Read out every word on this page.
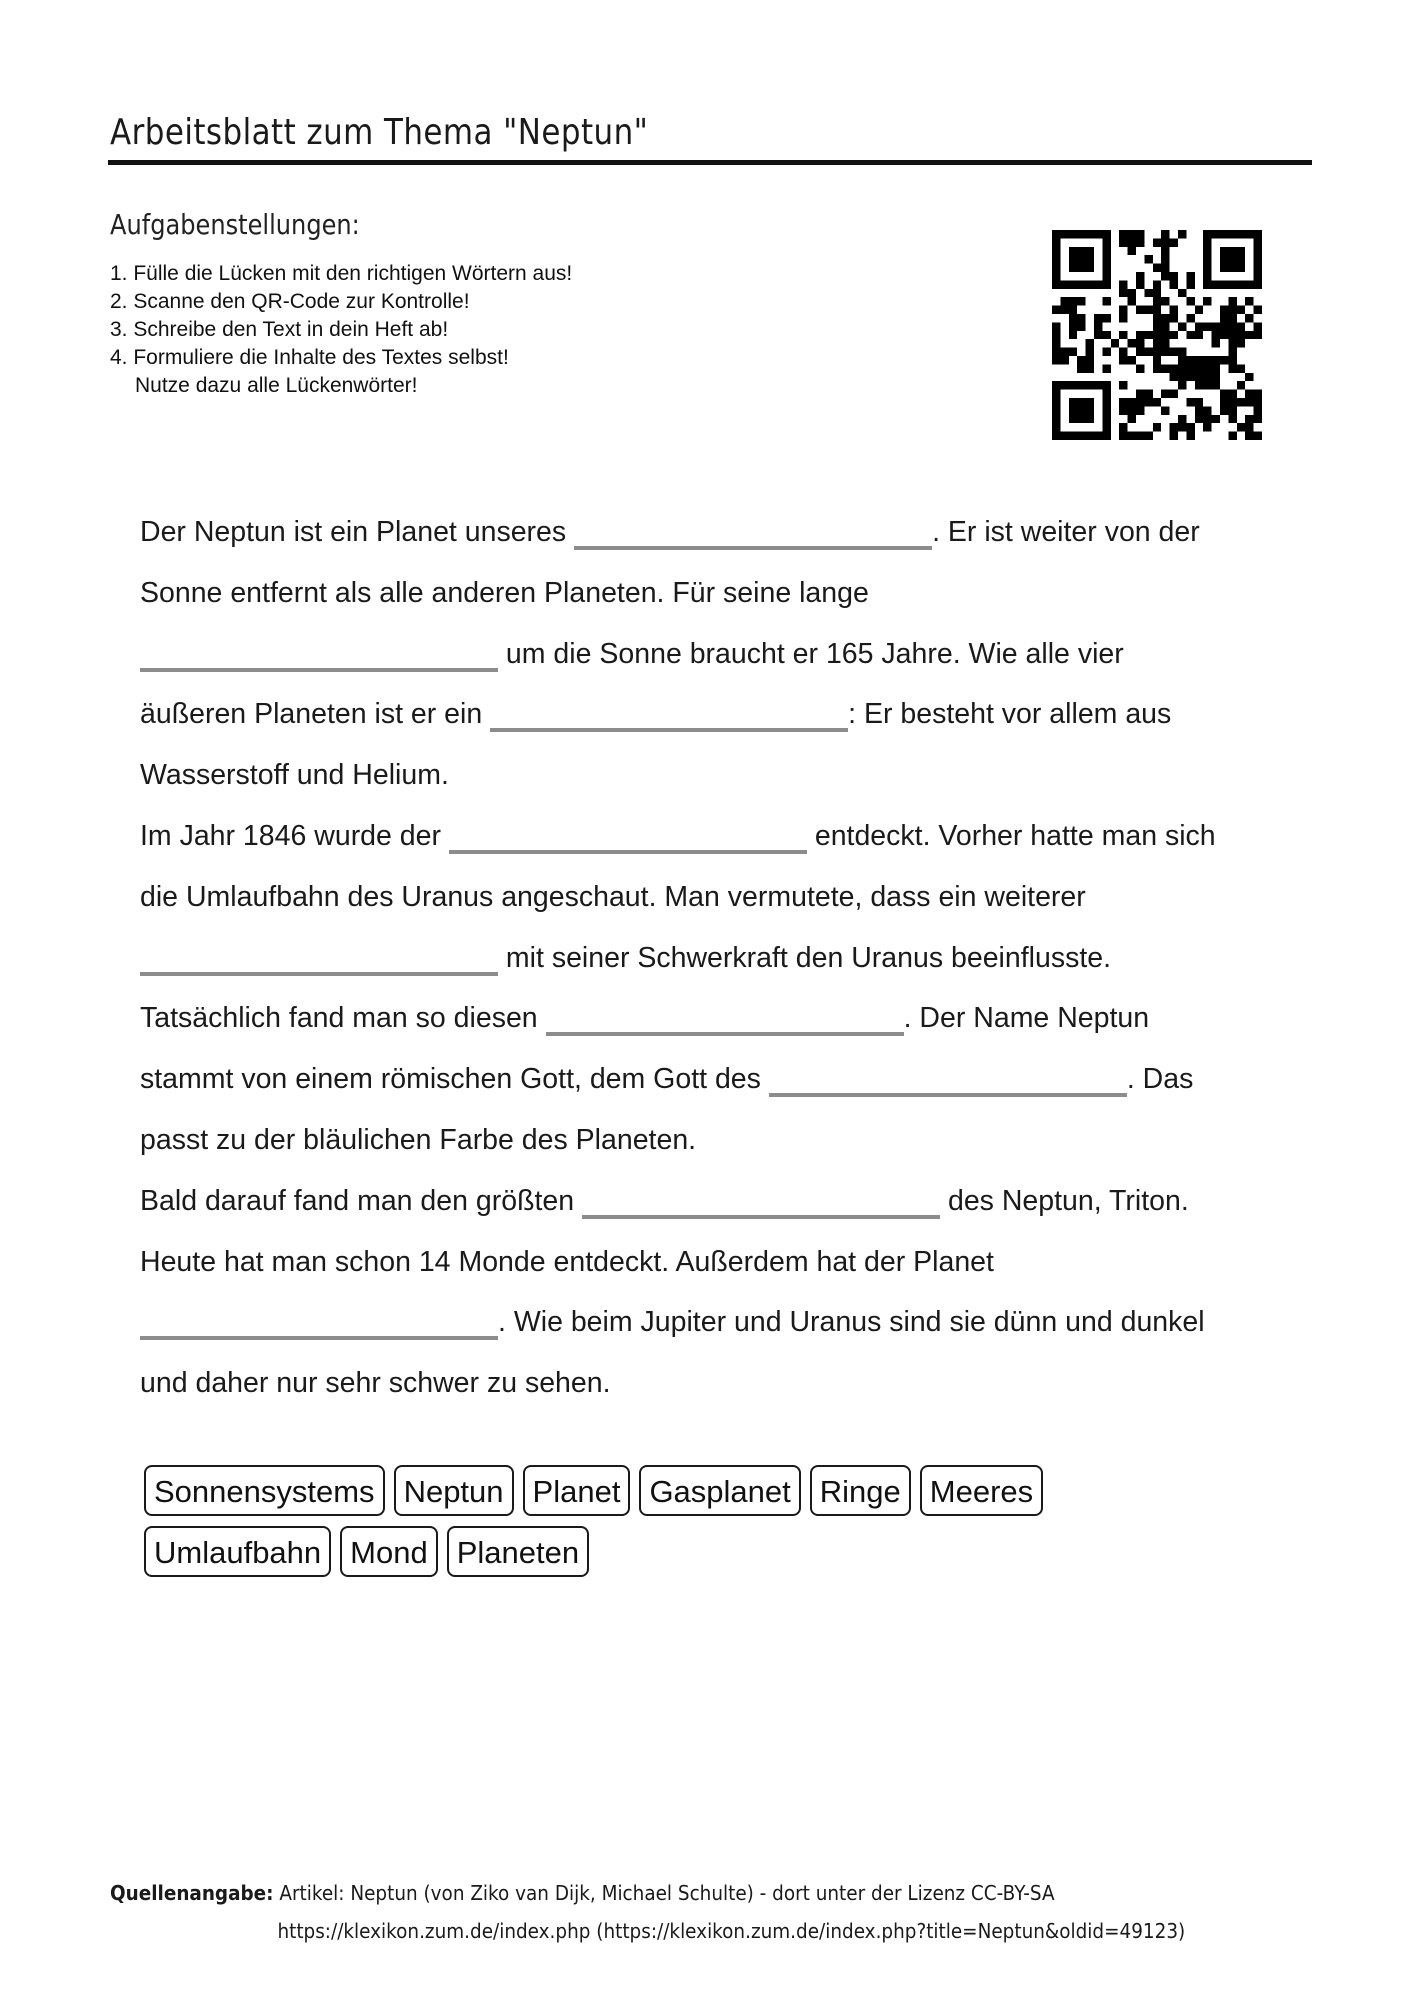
Arbeitsblatt zum Thema "Neptun"
Aufgabenstellungen:
1. Fülle die Lücken mit den richtigen Wörtern aus!
2. Scanne den QR-Code zur Kontrolle!
3. Schreibe den Text in dein Heft ab!
4. Formuliere die Inhalte des Textes selbst!
Nutze dazu alle Lückenwörter!
Der Neptun ist ein Planet unseres	. Er ist weiter von der
Sonne entfernt als alle anderen Planeten. Für seine lange
um die Sonne braucht er 165 Jahre. Wie alle vier
äußeren Planeten ist er ein	: Er besteht vor allem aus
Wasserstoff und Helium.
Im Jahr 1846 wurde der	entdeckt. Vorher hatte man sich
die Umlaufbahn des Uranus angeschaut. Man vermutete, dass ein weiterer
mit seiner Schwerkraft den Uranus beeinflusste.
Tatsächlich fand man so diesen	. Der Name Neptun
stammt von einem römischen Gott, dem Gott des	. Das
passt zu der bläulichen Farbe des Planeten.
Bald darauf fand man den größten	des Neptun, Triton.
Heute hat man schon 14 Monde entdeckt. Außerdem hat der Planet
. Wie beim Jupiter und Uranus sind sie dünn und dunkel
und daher nur sehr schwer zu sehen.
Sonnensystems Neptun Planet Gasplanet Ringe Meeres
Umlaufbahn Mond Planeten
Quellenangabe: Artikel: Neptun (von Ziko van Dijk, Michael Schulte) - dort unter der Lizenz CC-BY-SA
https://klexikon.zum.de/index.php (https://klexikon.zum.de/index.php?title=Neptun&oldid=49123)
